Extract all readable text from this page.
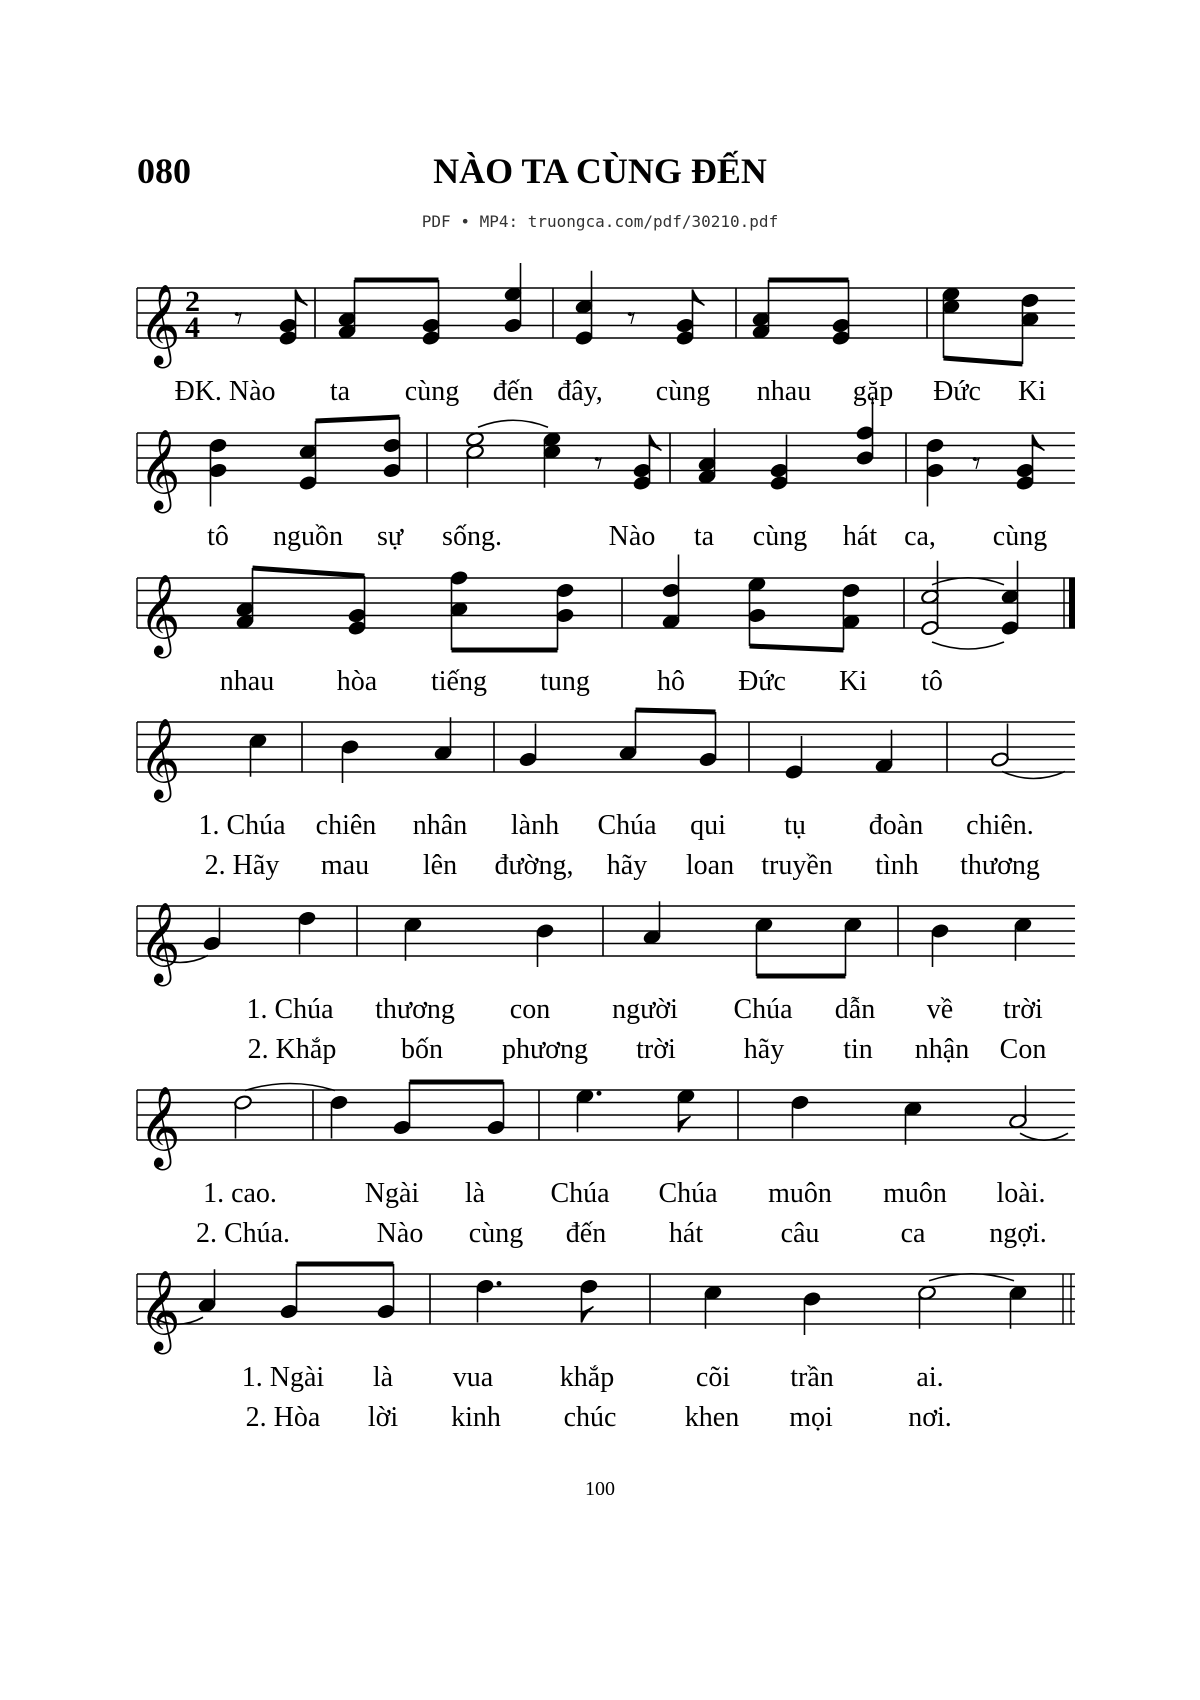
080	NÀO TA CÙNG ĐẾN
PDF • MP4: truongca.com/pdf/30210.pdf
𝄞 2
4 𝄾	𝄾
𝄞	𝄾	𝄾
𝄞
𝄞
𝄞
𝄞
𝄞
ĐK. Nào ta cùng đến đây, cùng nhau gặp Đức Ki
tô nguồn sự sống.	Nào ta cùng hát ca, cùng
nhau hòa tiếng tung hô Đức Ki tô
1. Chúa chiên nhân lành Chúa qui tụ đoàn chiên.
2. Hãy mau lên đường, hãy loan truyền tình thương
1. Chúa thương con người Chúa dẫn về trời
2. Khắp bốn phương trời hãy tin nhận Con
1. cao.	Ngài là Chúa Chúa muôn muôn loài.
2. Chúa.	Nào cùng đến hát	câu	ca ngợi.
1. Ngài là vua khắp	cõi trần	ai.
2. Hòa lời kinh chúc khen mọi	nơi.
100
